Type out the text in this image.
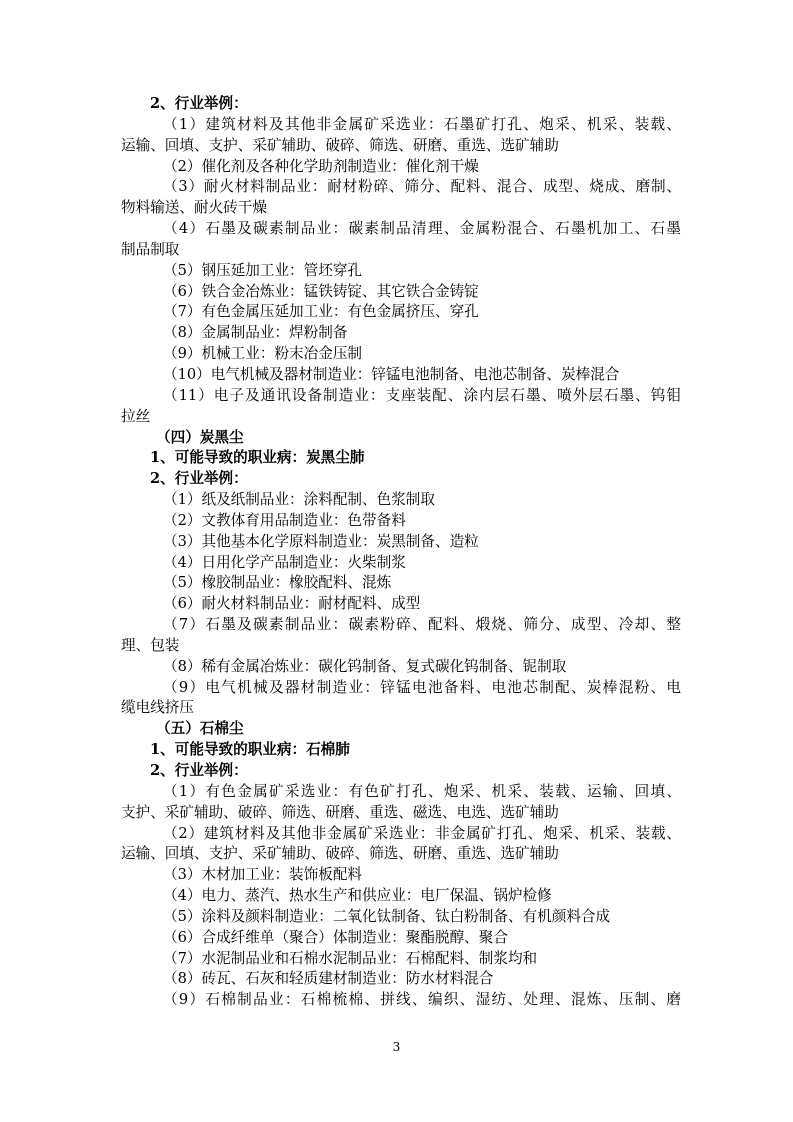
2、行业举例：
（1）建筑材料及其他非金属矿采选业：石墨矿打孔、炮采、机采、装载、
运输、回填、支护、采矿辅助、破碎、筛选、研磨、重选、选矿辅助
（2）催化剂及各种化学助剂制造业：催化剂干燥
（3）耐火材料制品业：耐材粉碎、筛分、配料、混合、成型、烧成、磨制、
物料输送、耐火砖干燥
（4）石墨及碳素制品业：碳素制品清理、金属粉混合、石墨机加工、石墨
制品制取
（5）钢压延加工业：管坯穿孔
（6）铁合金冶炼业：锰铁铸锭、其它铁合金铸锭
（7）有色金属压延加工业：有色金属挤压、穿孔
（8）金属制品业：焊粉制备
（9）机械工业：粉末冶金压制
（10）电气机械及器材制造业：锌锰电池制备、电池芯制备、炭棒混合
（11）电子及通讯设备制造业：支座装配、涂内层石墨、喷外层石墨、钨钼
拉丝
（四）炭黑尘
1、可能导致的职业病：炭黑尘肺
2、行业举例：
（1）纸及纸制品业：涂料配制、色浆制取
（2）文教体育用品制造业：色带备料
（3）其他基本化学原料制造业：炭黑制备、造粒
（4）日用化学产品制造业：火柴制浆
（5）橡胶制品业：橡胶配料、混炼
（6）耐火材料制品业：耐材配料、成型
（7）石墨及碳素制品业：碳素粉碎、配料、煅烧、筛分、成型、冷却、整
理、包装
（8）稀有金属冶炼业：碳化钨制备、复式碳化钨制备、铌制取
（9）电气机械及器材制造业：锌锰电池备料、电池芯制配、炭棒混粉、电
缆电线挤压
（五）石棉尘
1、可能导致的职业病：石棉肺
2、行业举例：
（1）有色金属矿采选业：有色矿打孔、炮采、机采、装载、运输、回填、
支护、采矿辅助、破碎、筛选、研磨、重选、磁选、电选、选矿辅助
（2）建筑材料及其他非金属矿采选业：非金属矿打孔、炮采、机采、装载、
运输、回填、支护、采矿辅助、破碎、筛选、研磨、重选、选矿辅助
（3）木材加工业：装饰板配料
（4）电力、蒸汽、热水生产和供应业：电厂保温、锅炉检修
（5）涂料及颜料制造业：二氧化钛制备、钛白粉制备、有机颜料合成
（6）合成纤维单（聚合）体制造业：聚酯脱醇、聚合
（7）水泥制品业和石棉水泥制品业：石棉配料、制浆均和
（8）砖瓦、石灰和轻质建材制造业：防水材料混合
（9）石棉制品业：石棉梳棉、拼线、编织、湿纺、处理、混炼、压制、磨
3
